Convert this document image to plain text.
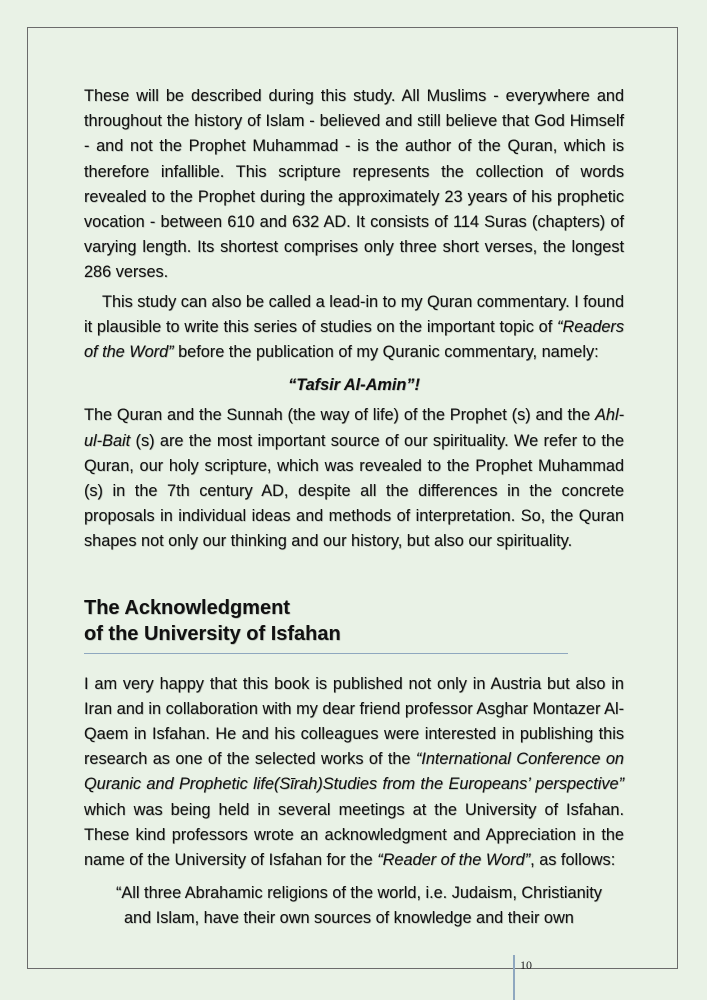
These will be described during this study. All Muslims - everywhere and throughout the history of Islam - believed and still believe that God Himself - and not the Prophet Muhammad - is the author of the Quran, which is therefore infallible. This scripture represents the collection of words revealed to the Prophet during the approximately 23 years of his prophetic vocation - between 610 and 632 AD. It consists of 114 Suras (chapters) of varying length. Its shortest comprises only three short verses, the longest 286 verses.

This study can also be called a lead-in to my Quran commentary. I found it plausible to write this series of studies on the important topic of “Readers of the Word” before the publication of my Quranic commentary, namely:

“Tafsir Al-Amin”!

The Quran and the Sunnah (the way of life) of the Prophet (s) and the Ahl-ul-Bait (s) are the most important source of our spirituality. We refer to the Quran, our holy scripture, which was revealed to the Prophet Muhammad (s) in the 7th century AD, despite all the differences in the concrete proposals in individual ideas and methods of interpretation. So, the Quran shapes not only our thinking and our history, but also our spirituality.

The Acknowledgment
of the University of Isfahan

I am very happy that this book is published not only in Austria but also in Iran and in collaboration with my dear friend professor Asghar Montazer Al-Qaem in Isfahan. He and his colleagues were interested in publishing this research as one of the selected works of the “International Conference on Quranic and Prophetic life(Sīrah)Studies from the Europeans’ perspective” which was being held in several meetings at the University of Isfahan. These kind professors wrote an acknowledgment and Appreciation in the name of the University of Isfahan for the “Reader of the Word”, as follows:

“All three Abrahamic religions of the world, i.e. Judaism, Christianity

and Islam, have their own sources of knowledge and their own

10
